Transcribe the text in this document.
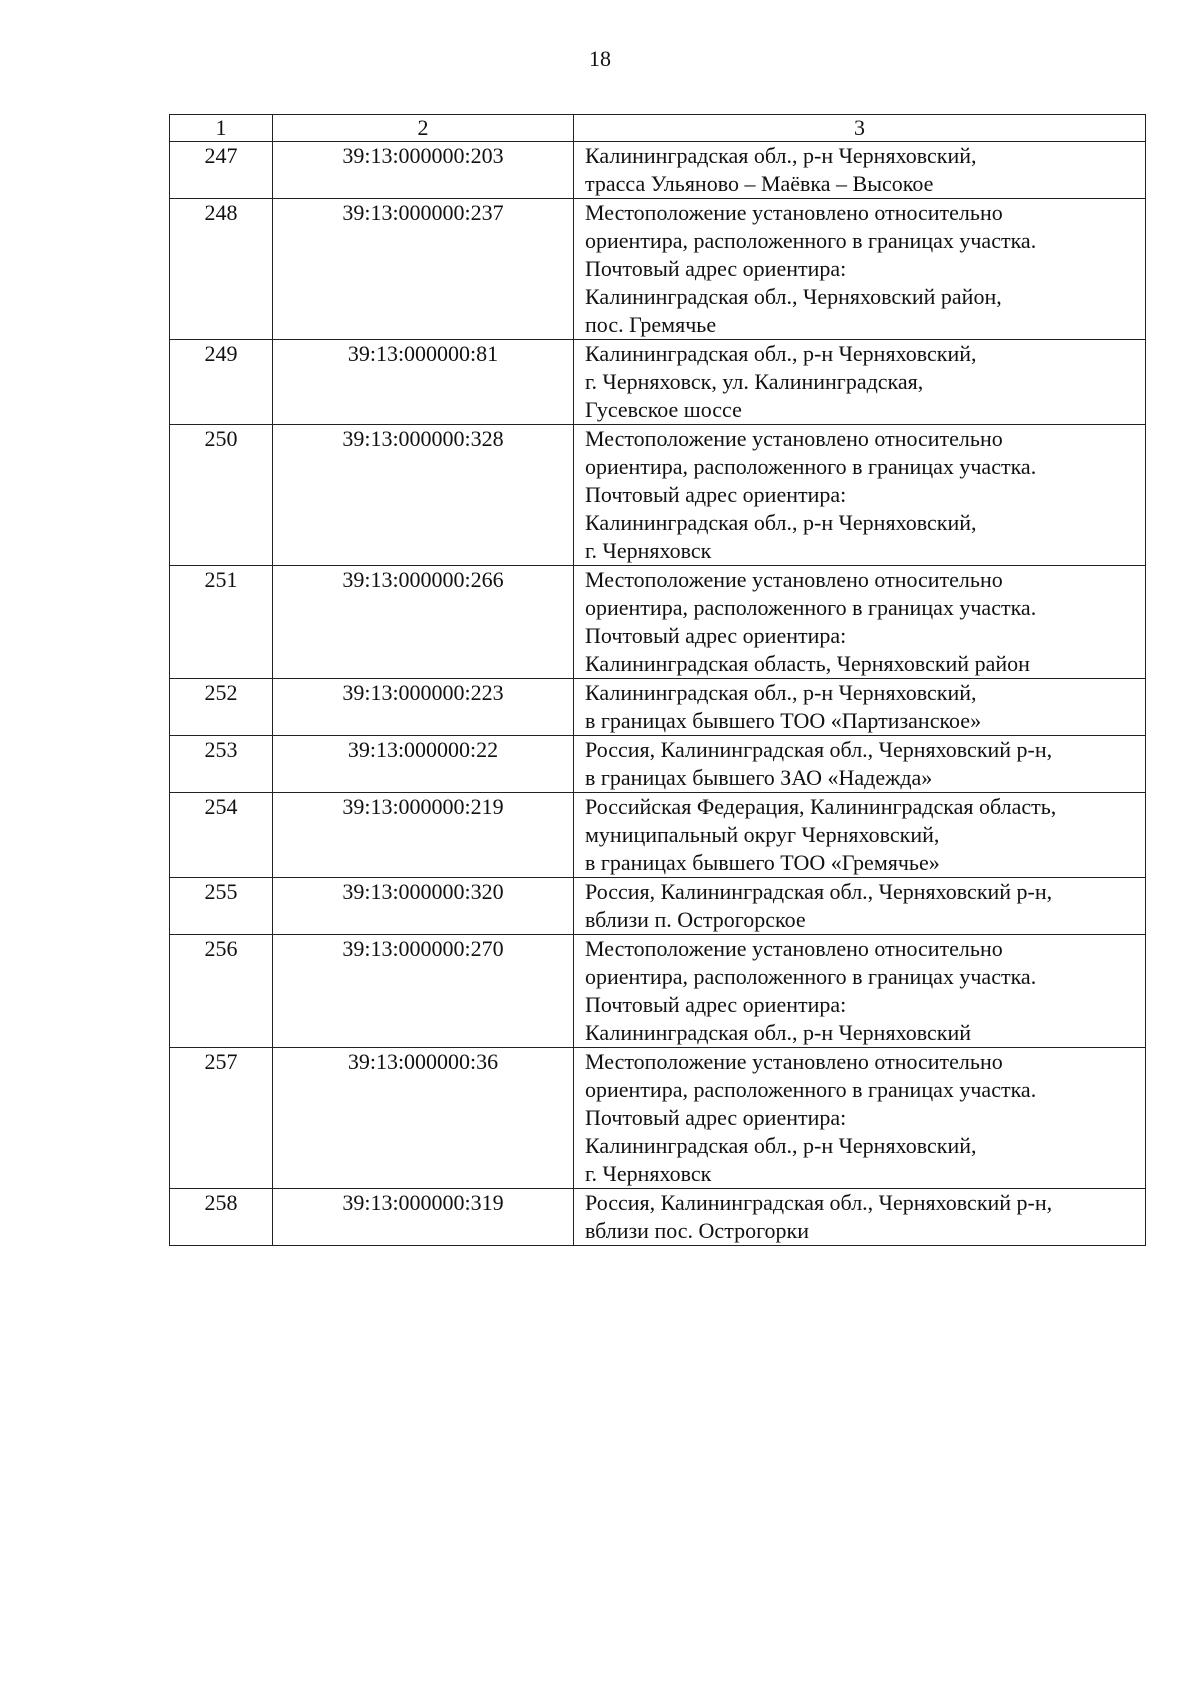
18
1	2	3
247	39:13:000000:203	Калининградская обл., р-н Черняховский,
трасса Ульяново – Маёвка – Высокое

248	39:13:000000:237	Местоположение установлено относительно
ориентира, расположенного в границах участка.
Почтовый адрес ориентира:
Калининградская обл., Черняховский район,
пос. Гремячье

249	39:13:000000:81	Калининградская обл., р-н Черняховский,
г. Черняховск, ул. Калининградская,
Гусевское шоссе

250	39:13:000000:328	Местоположение установлено относительно
ориентира, расположенного в границах участка.
Почтовый адрес ориентира:
Калининградская обл., р-н Черняховский,
г. Черняховск

251	39:13:000000:266	Местоположение установлено относительно
ориентира, расположенного в границах участка.
Почтовый адрес ориентира:
Калининградская область, Черняховский район

252	39:13:000000:223	Калининградская обл., р-н Черняховский,
в границах бывшего ТОО «Партизанское»

253	39:13:000000:22	Россия, Калининградская обл., Черняховский р-н,
в границах бывшего ЗАО «Надежда»

254	39:13:000000:219	Российская Федерация, Калининградская область,
муниципальный округ Черняховский,
в границах бывшего ТОО «Гремячье»

255	39:13:000000:320	Россия, Калининградская обл., Черняховский р-н,
вблизи п. Острогорское

256	39:13:000000:270	Местоположение установлено относительно
ориентира, расположенного в границах участка.
Почтовый адрес ориентира:
Калининградская обл., р-н Черняховский

257	39:13:000000:36	Местоположение установлено относительно
ориентира, расположенного в границах участка.
Почтовый адрес ориентира:
Калининградская обл., р-н Черняховский,
г. Черняховск

258	39:13:000000:319	Россия, Калининградская обл., Черняховский р-н,
вблизи пос. Острогорки
